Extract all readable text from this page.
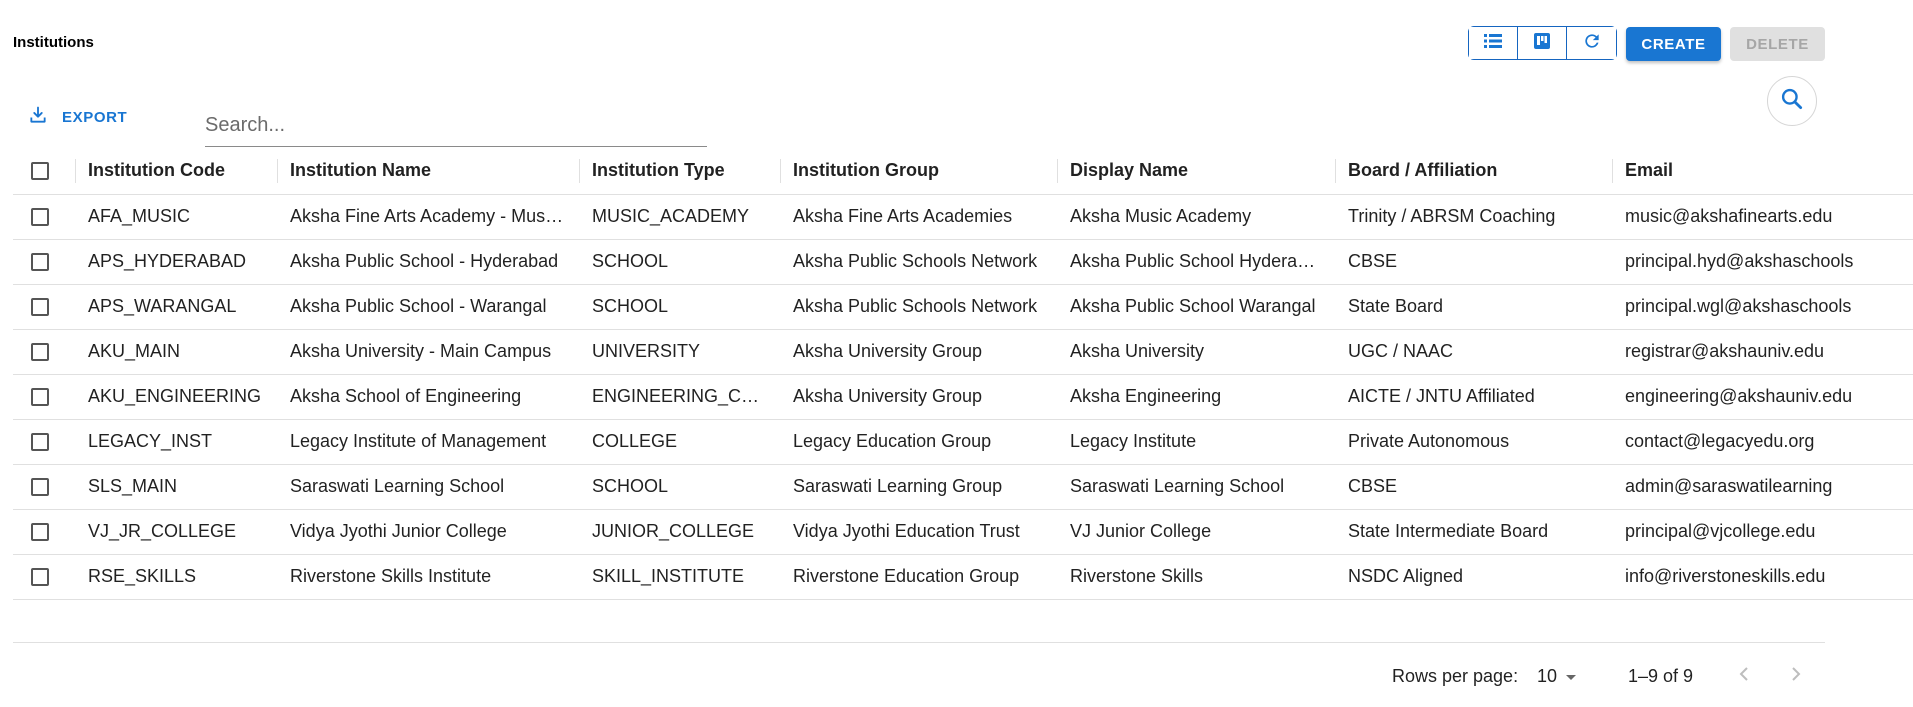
Institutions	CREATE	DELETE
EXPORT
Search...
	Institution Code	Institution Name	Institution Type	Institution Group	Display Name	Board / Affiliation	Email
	AFA_MUSIC	Aksha Fine Arts Academy - Mus…	MUSIC_ACADEMY	Aksha Fine Arts Academies	Aksha Music Academy	Trinity / ABRSM Coaching	music@akshafinearts.edu
	APS_HYDERABAD	Aksha Public School - Hyderabad	SCHOOL	Aksha Public Schools Network	Aksha Public School Hydera…	CBSE	principal.hyd@akshaschools
	APS_WARANGAL	Aksha Public School - Warangal	SCHOOL	Aksha Public Schools Network	Aksha Public School Warangal	State Board	principal.wgl@akshaschools
	AKU_MAIN	Aksha University - Main Campus	UNIVERSITY	Aksha University Group	Aksha University	UGC / NAAC	registrar@akshauniv.edu
	AKU_ENGINEERING	Aksha School of Engineering	ENGINEERING_C…	Aksha University Group	Aksha Engineering	AICTE / JNTU Affiliated	engineering@akshauniv.edu
	LEGACY_INST	Legacy Institute of Management	COLLEGE	Legacy Education Group	Legacy Institute	Private Autonomous	contact@legacyedu.org
	SLS_MAIN	Saraswati Learning School	SCHOOL	Saraswati Learning Group	Saraswati Learning School	CBSE	admin@saraswatilearning
	VJ_JR_COLLEGE	Vidya Jyothi Junior College	JUNIOR_COLLEGE	Vidya Jyothi Education Trust	VJ Junior College	State Intermediate Board	principal@vjcollege.edu
	RSE_SKILLS	Riverstone Skills Institute	SKILL_INSTITUTE	Riverstone Education Group	Riverstone Skills	NSDC Aligned	info@riverstoneskills.edu
Rows per page: 10	1–9 of 9
